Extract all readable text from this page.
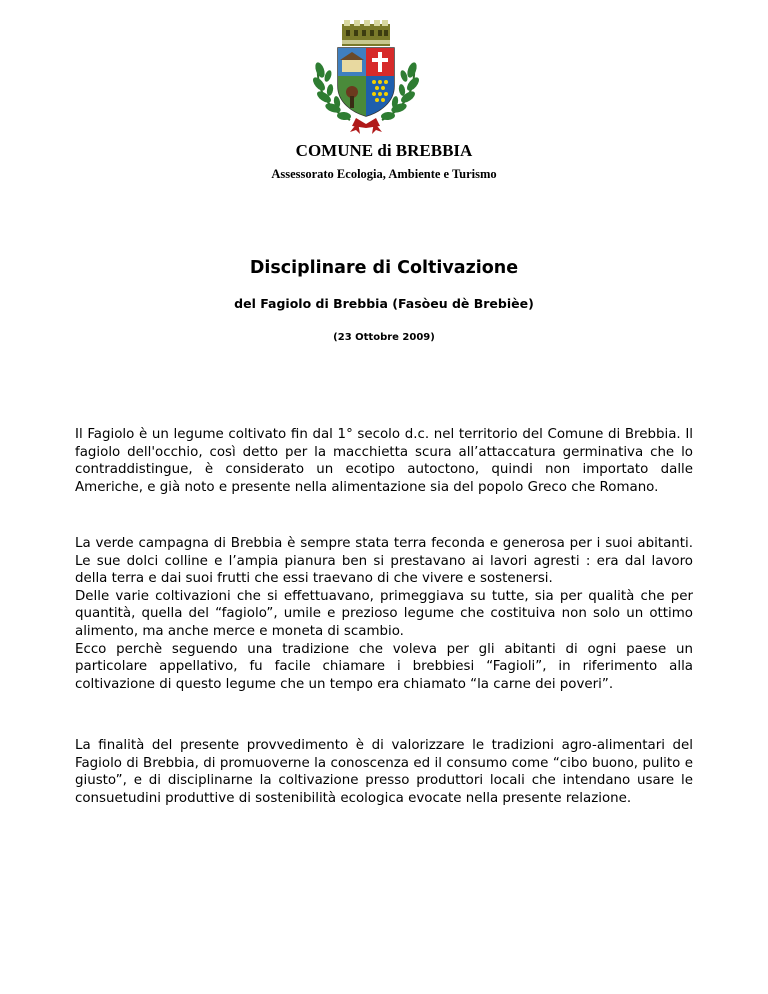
COMUNE di BREBBIA
Assessorato Ecologia, Ambiente e Turismo
Disciplinare di Coltivazione
del Fagiolo di Brebbia (Fasòeu dè Brebièe)
(23 Ottobre 2009)

Il Fagiolo è un legume coltivato fin dal 1° secolo d.c. nel territorio del Comune di Brebbia. Il fagiolo dell'occhio, così detto per la macchietta scura all’attaccatura germinativa che lo contraddistingue, è considerato un ecotipo autoctono, quindi non importato dalle Americhe, e già noto e presente nella alimentazione sia del popolo Greco che Romano.

La verde campagna di Brebbia è sempre stata terra feconda e generosa per i suoi abitanti. Le sue dolci colline e l’ampia pianura ben si prestavano ai lavori agresti : era dal lavoro della terra e dai suoi frutti che essi traevano di che vivere e sostenersi.
Delle varie coltivazioni che si effettuavano, primeggiava su tutte, sia per qualità che per quantità, quella del “fagiolo”, umile e prezioso legume che costituiva non solo un ottimo alimento, ma anche merce e moneta di scambio.
Ecco perchè seguendo una tradizione che voleva per gli abitanti di ogni paese un particolare appellativo, fu facile chiamare i brebbiesi “Fagioli”, in riferimento alla coltivazione di questo legume che un tempo era chiamato “la carne dei poveri”.

La finalità del presente provvedimento è di valorizzare le tradizioni agro-alimentari del Fagiolo di Brebbia, di promuoverne la conoscenza ed il consumo come “cibo buono, pulito e giusto”, e di disciplinarne la coltivazione presso produttori locali che intendano usare le consuetudini produttive di sostenibilità ecologica evocate nella presente relazione.
